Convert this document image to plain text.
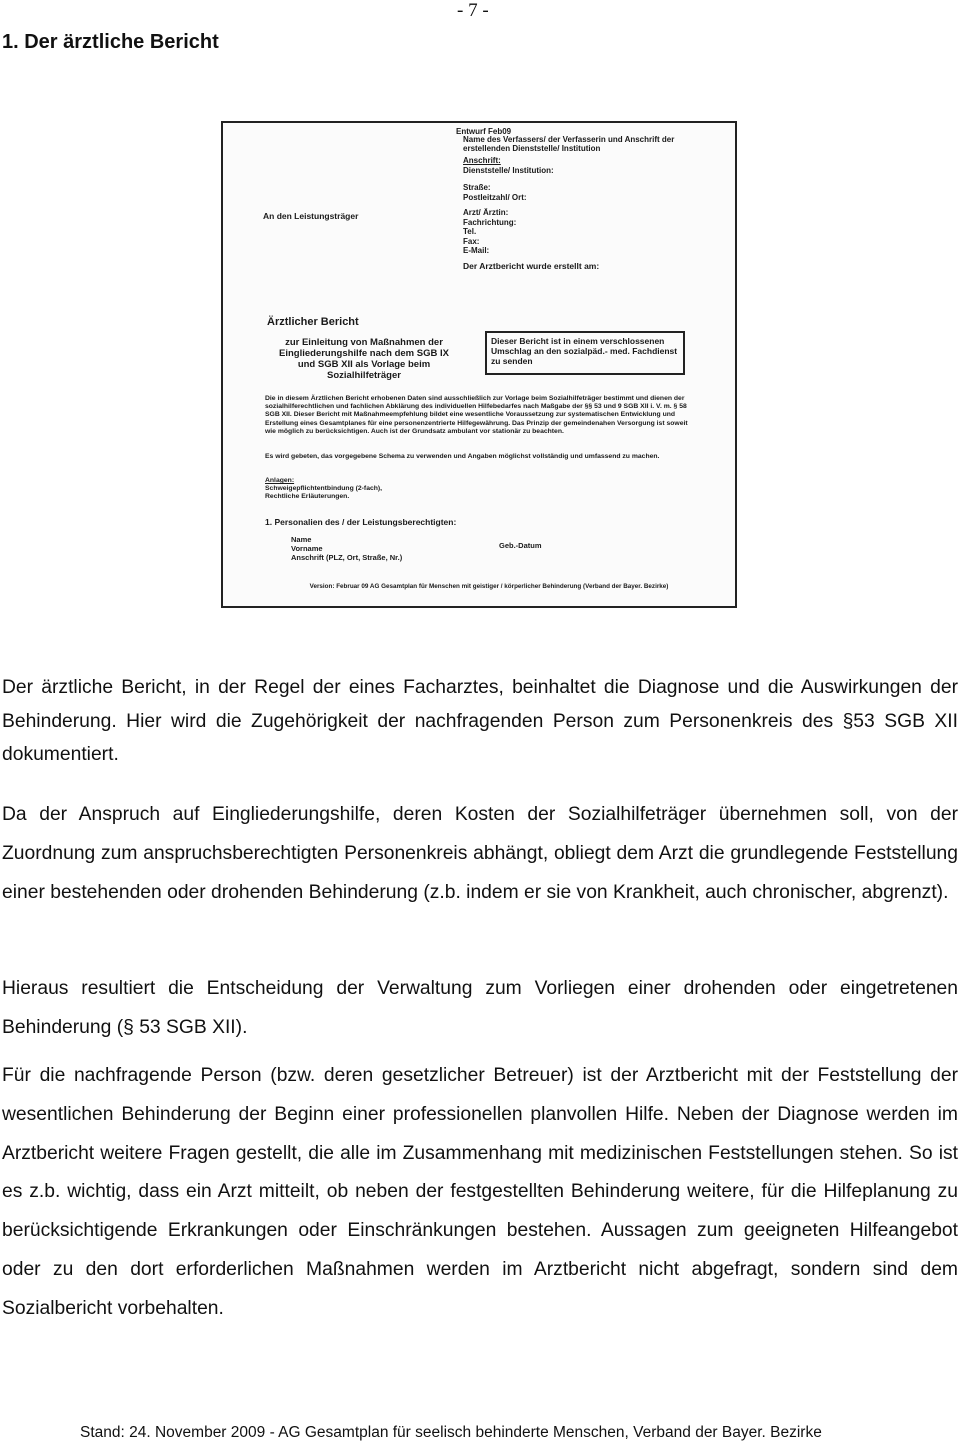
- 7 -
1. Der ärztliche Bericht
Entwurf Feb09
Name des Verfassers/ der Verfasserin und Anschrift der
erstellenden Dienststelle/ Institution
Anschrift:
Dienststelle/ Institution:
Straße:
Postleitzahl/ Ort:
Arzt/ Ärztin:
Fachrichtung:
Tel.
Fax:
E-Mail:
An den Leistungsträger
Der Arztbericht wurde erstellt am:
Ärztlicher Bericht
zur Einleitung von Maßnahmen der Eingliederungshilfe nach dem SGB IX und SGB XII als Vorlage beim Sozialhilfeträger
Dieser Bericht ist in einem verschlossenen Umschlag an den sozialpäd.- med. Fachdienst zu senden
Die in diesem Ärztlichen Bericht erhobenen Daten sind ausschließlich zur Vorlage beim Sozialhilfeträger bestimmt und dienen der sozialhilferechtlichen und fachlichen Abklärung des individuellen Hilfebedarfes nach Maßgabe der §§ 53 und 9 SGB XII i. V. m. § 58 SGB XII. Dieser Bericht mit Maßnahmeempfehlung bildet eine wesentliche Voraussetzung zur systematischen Entwicklung und Erstellung eines Gesamtplanes für eine personenzentrierte Hilfegewährung. Das Prinzip der gemeindenahen Versorgung ist soweit wie möglich zu berücksichtigen. Auch ist der Grundsatz ambulant vor stationär zu beachten.
Es wird gebeten, das vorgegebene Schema zu verwenden und Angaben möglichst vollständig und umfassend zu machen.
Anlagen:
Schweigepflichtentbindung (2-fach),
Rechtliche Erläuterungen.
1. Personalien des / der Leistungsberechtigten:
Name
Vorname
Anschrift (PLZ, Ort, Straße, Nr.)
Geb.-Datum
Version: Februar 09 AG Gesamtplan für Menschen mit geistiger / körperlicher Behinderung (Verband der Bayer. Bezirke)

Der ärztliche Bericht, in der Regel der eines Facharztes, beinhaltet die Diagnose und die Auswirkungen der Behinderung. Hier wird die Zugehörigkeit der nachfragenden Person zum Personenkreis des §53 SGB XII dokumentiert.

Da der Anspruch auf Eingliederungshilfe, deren Kosten der Sozialhilfeträger übernehmen soll, von der Zuordnung zum anspruchsberechtigten Personenkreis abhängt, obliegt dem Arzt die grundlegende Feststellung einer bestehenden oder drohenden Behinderung (z.b. indem er sie von Krankheit, auch chronischer, abgrenzt).

Hieraus resultiert die Entscheidung der Verwaltung zum Vorliegen einer drohenden oder eingetretenen Behinderung (§ 53 SGB XII).

Für die nachfragende Person (bzw. deren gesetzlicher Betreuer) ist der Arztbericht mit der Feststellung der wesentlichen Behinderung der Beginn einer professionellen planvollen Hilfe. Neben der Diagnose werden im Arztbericht weitere Fragen gestellt, die alle im Zusammenhang mit medizinischen Feststellungen stehen. So ist es z.b. wichtig, dass ein Arzt mitteilt, ob neben der festgestellten Behinderung weitere, für die Hilfeplanung zu berücksichtigende Erkrankungen oder Einschränkungen bestehen. Aussagen zum geeigneten Hilfeangebot oder zu den dort erforderlichen Maßnahmen werden im Arztbericht nicht abgefragt, sondern sind dem Sozialbericht vorbehalten.

Stand: 24. November 2009 - AG Gesamtplan für seelisch behinderte Menschen, Verband der Bayer. Bezirke
